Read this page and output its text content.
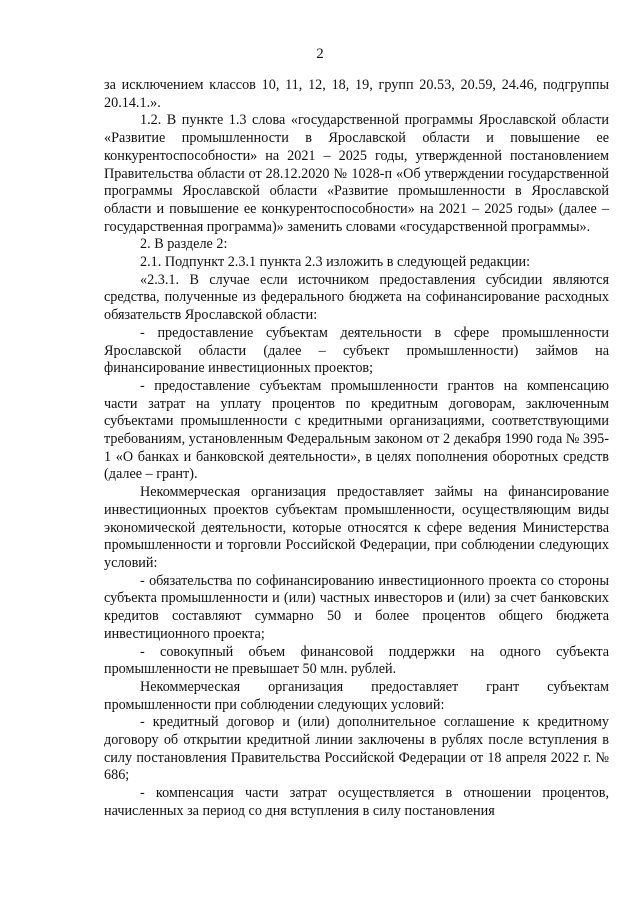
2

за исключением классов 10, 11, 12, 18, 19, групп 20.53, 20.59, 24.46, подгруппы 20.14.1.».

1.2. В пункте 1.3 слова «государственной программы Ярославской области «Развитие промышленности в Ярославской области и повышение ее конкурентоспособности» на 2021 – 2025 годы, утвержденной постановлением Правительства области от 28.12.2020 № 1028-п «Об утверждении государственной программы Ярославской области «Развитие промышленности в Ярославской области и повышение ее конкурентоспособности» на 2021 – 2025 годы» (далее – государственная программа)» заменить словами «государственной программы».

2. В разделе 2:

2.1. Подпункт 2.3.1 пункта 2.3 изложить в следующей редакции:

«2.3.1. В случае если источником предоставления субсидии являются средства, полученные из федерального бюджета на софинансирование расходных обязательств Ярославской области:

- предоставление субъектам деятельности в сфере промышленности Ярославской области (далее – субъект промышленности) займов на финансирование инвестиционных проектов;

- предоставление субъектам промышленности грантов на компенсацию части затрат на уплату процентов по кредитным договорам, заключенным субъектами промышленности с кредитными организациями, соответствующими требованиям, установленным Федеральным законом от 2 декабря 1990 года № 395-1 «О банках и банковской деятельности», в целях пополнения оборотных средств (далее – грант).

Некоммерческая организация предоставляет займы на финансирование инвестиционных проектов субъектам промышленности, осуществляющим виды экономической деятельности, которые относятся к сфере ведения Министерства промышленности и торговли Российской Федерации, при соблюдении следующих условий:

- обязательства по софинансированию инвестиционного проекта со стороны субъекта промышленности и (или) частных инвесторов и (или) за счет банковских кредитов составляют суммарно 50 и более процентов общего бюджета инвестиционного проекта;

- совокупный объем финансовой поддержки на одного субъекта промышленности не превышает 50 млн. рублей.

Некоммерческая организация предоставляет грант субъектам промышленности при соблюдении следующих условий:

- кредитный договор и (или) дополнительное соглашение к кредитному договору об открытии кредитной линии заключены в рублях после вступления в силу постановления Правительства Российской Федерации от 18 апреля 2022 г. № 686;

- компенсация части затрат осуществляется в отношении процентов, начисленных за период со дня вступления в силу постановления
